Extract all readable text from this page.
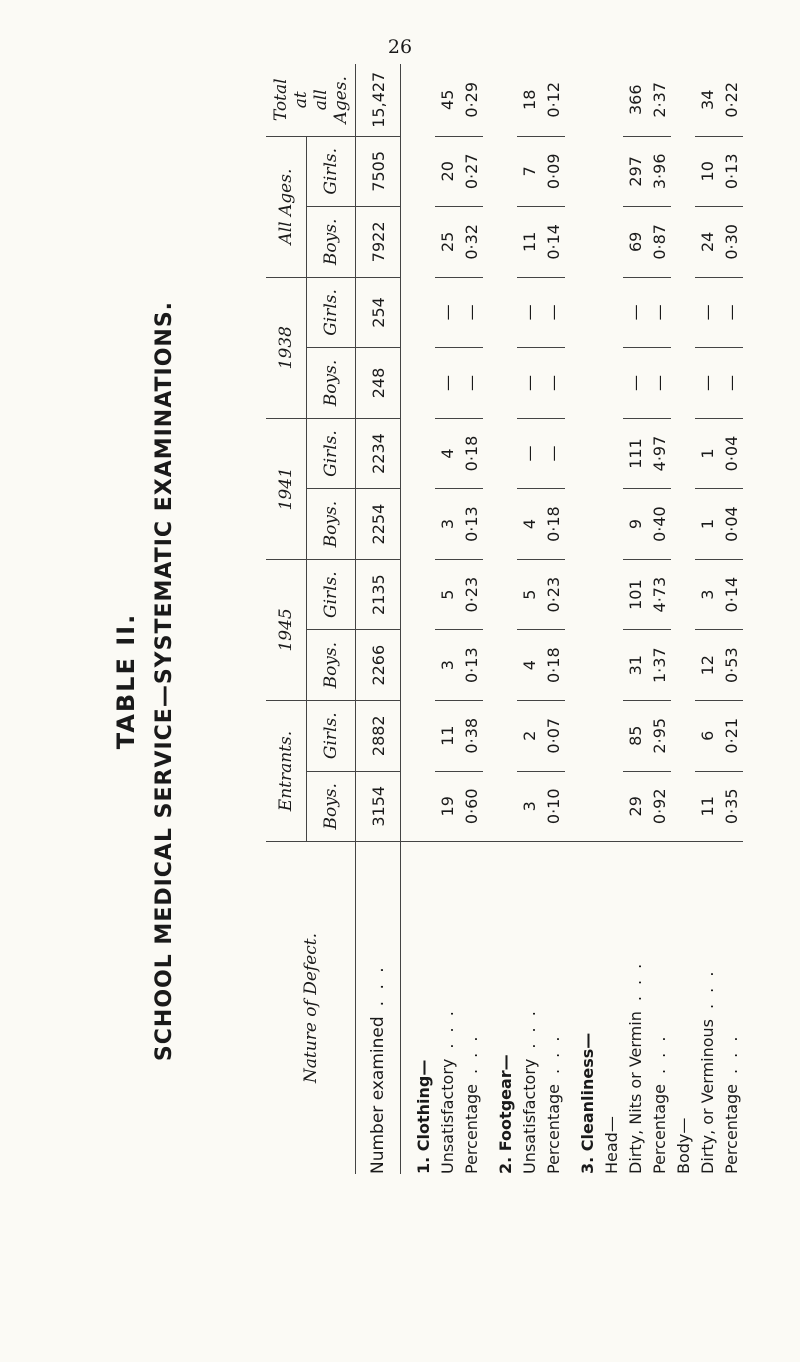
26
TABLE II. SCHOOL MEDICAL SERVICE—SYSTEMATIC EXAMINATIONS.	Nature of Defect.	Entrants.		1945		1941		1938		All Ages.		Total at all Ages.

	Boys.	Girls.	Boys.	Girls.	Boys.	Girls.	Boys.	Girls.	Boys.	Girls.	
Number examined. . .	3154	2882	2266	2135	2254	2234	248	254	7922	7505	15,427

1. Clothing—											
Unsatisfactory. . .	19	11	3	5	3	4	—	—	25	20	45
Percentage. . .	0·60	0·38	0·13	0·23	0·13	0·18	—	—	0·32	0·27	0·29

2. Footgear—											
Unsatisfactory. . .	3	2	4	5	4	—	—	—	11	7	18
Percentage. . .	0·10	0·07	0·18	0·23	0·18	—	—	—	0·14	0·09	0·12

3. Cleanliness—											
Head—											
Dirty, Nits or Vermin. . .	29	85	31	101	9	111	—	—	69	297	366
Percentage. . .	0·92	2·95	1·37	4·73	0·40	4·97	—	—	0·87	3·96	2·37
Body—											
Dirty, or Verminous. . .	11	6	12	3	1	1	—	—	24	10	34
Percentage. . .	0·35	0·21	0·53	0·14	0·04	0·04	—	—	0·30	0·13	0·22
